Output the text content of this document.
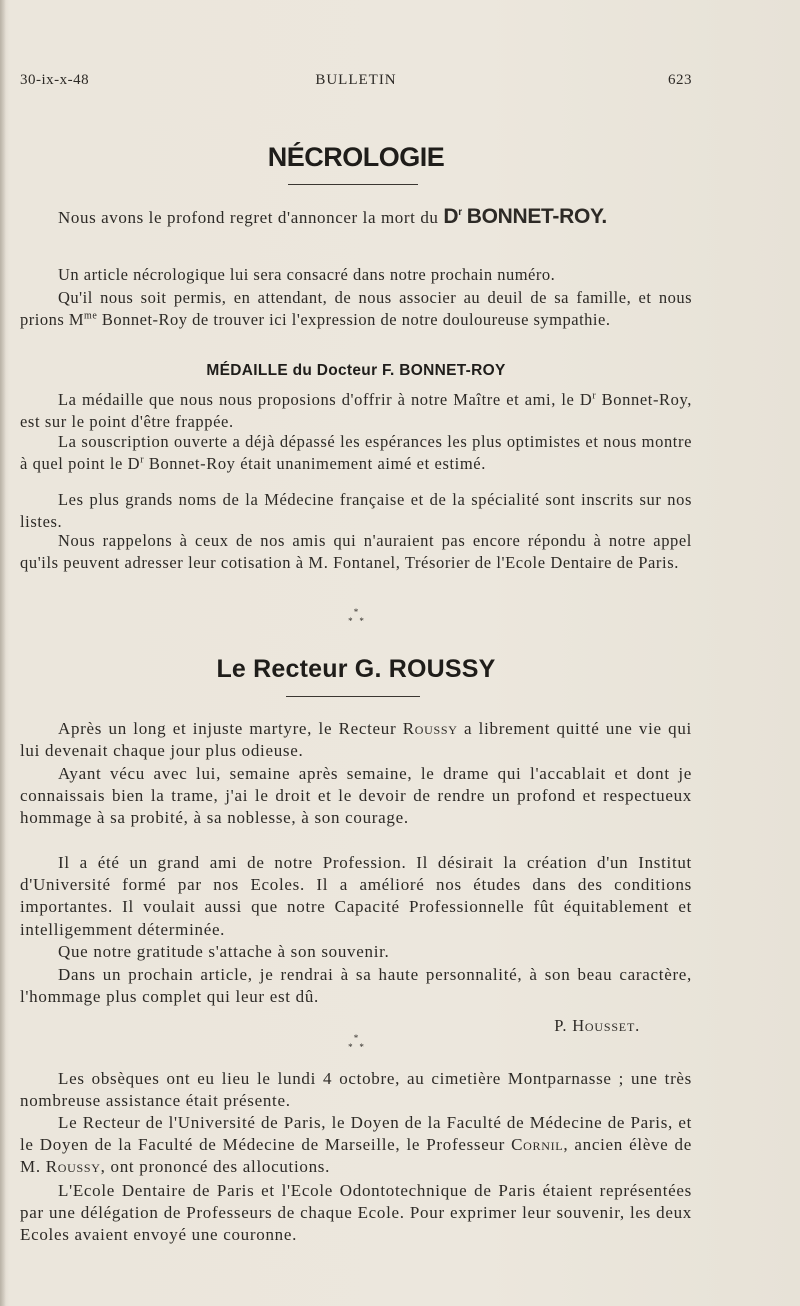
30-ix-x-48	BULLETIN	623
NÉCROLOGIE

Nous avons le profond regret d'annoncer la mort du $D^r$ BONNET-ROY.

Un article nécrologique lui sera consacré dans notre prochain numéro.

Qu'il nous soit permis, en attendant, de nous associer au deuil de sa famille, et nous prions $M^{me}$ Bonnet-Roy de trouver ici l'expression de notre douloureuse sympathie.

MÉDAILLE du Docteur F. BONNET-ROY

La médaille que nous nous proposions d'offrir à notre Maître et ami, le $D^r$ Bonnet-Roy, est sur le point d'être frappée.

La souscription ouverte a déjà dépassé les espérances les plus optimistes et nous montre à quel point le $D^r$ Bonnet-Roy était unanimement aimé et estimé.

Les plus grands noms de la Médecine française et de la spécialité sont inscrits sur nos listes.

Nous rappelons à ceux de nos amis qui n'auraient pas encore répondu à notre appel qu'ils peuvent adresser leur cotisation à M. Fontanel, Trésorier de l'Ecole Dentaire de Paris.

*
*   *
Le Recteur G. ROUSSY

Après un long et injuste martyre, le Recteur Roussy a librement quitté une vie qui lui devenait chaque jour plus odieuse.

Ayant vécu avec lui, semaine après semaine, le drame qui l'accablait et dont je connaissais bien la trame, j'ai le droit et le devoir de rendre un profond et respectueux hommage à sa probité, à sa noblesse, à son courage.

Il a été un grand ami de notre Profession. Il désirait la création d'un Institut d'Université formé par nos Ecoles. Il a amélioré nos études dans des conditions importantes. Il voulait aussi que notre Capacité Professionnelle fût équitablement et intelligemment déterminée.

Que notre gratitude s'attache à son souvenir.

Dans un prochain article, je rendrai à sa haute personnalité, à son beau caractère, l'hommage plus complet qui leur est dû.

P. Housset.
*
*   *

Les obsèques ont eu lieu le lundi 4 octobre, au cimetière Montparnasse ; une très nombreuse assistance était présente.

Le Recteur de l'Université de Paris, le Doyen de la Faculté de Médecine de Paris, et le Doyen de la Faculté de Médecine de Marseille, le Professeur Cornil, ancien élève de M. Roussy, ont prononcé des allocutions.

L'Ecole Dentaire de Paris et l'Ecole Odontotechnique de Paris étaient représentées par une délégation de Professeurs de chaque Ecole. Pour exprimer leur souvenir, les deux Ecoles avaient envoyé une couronne.
